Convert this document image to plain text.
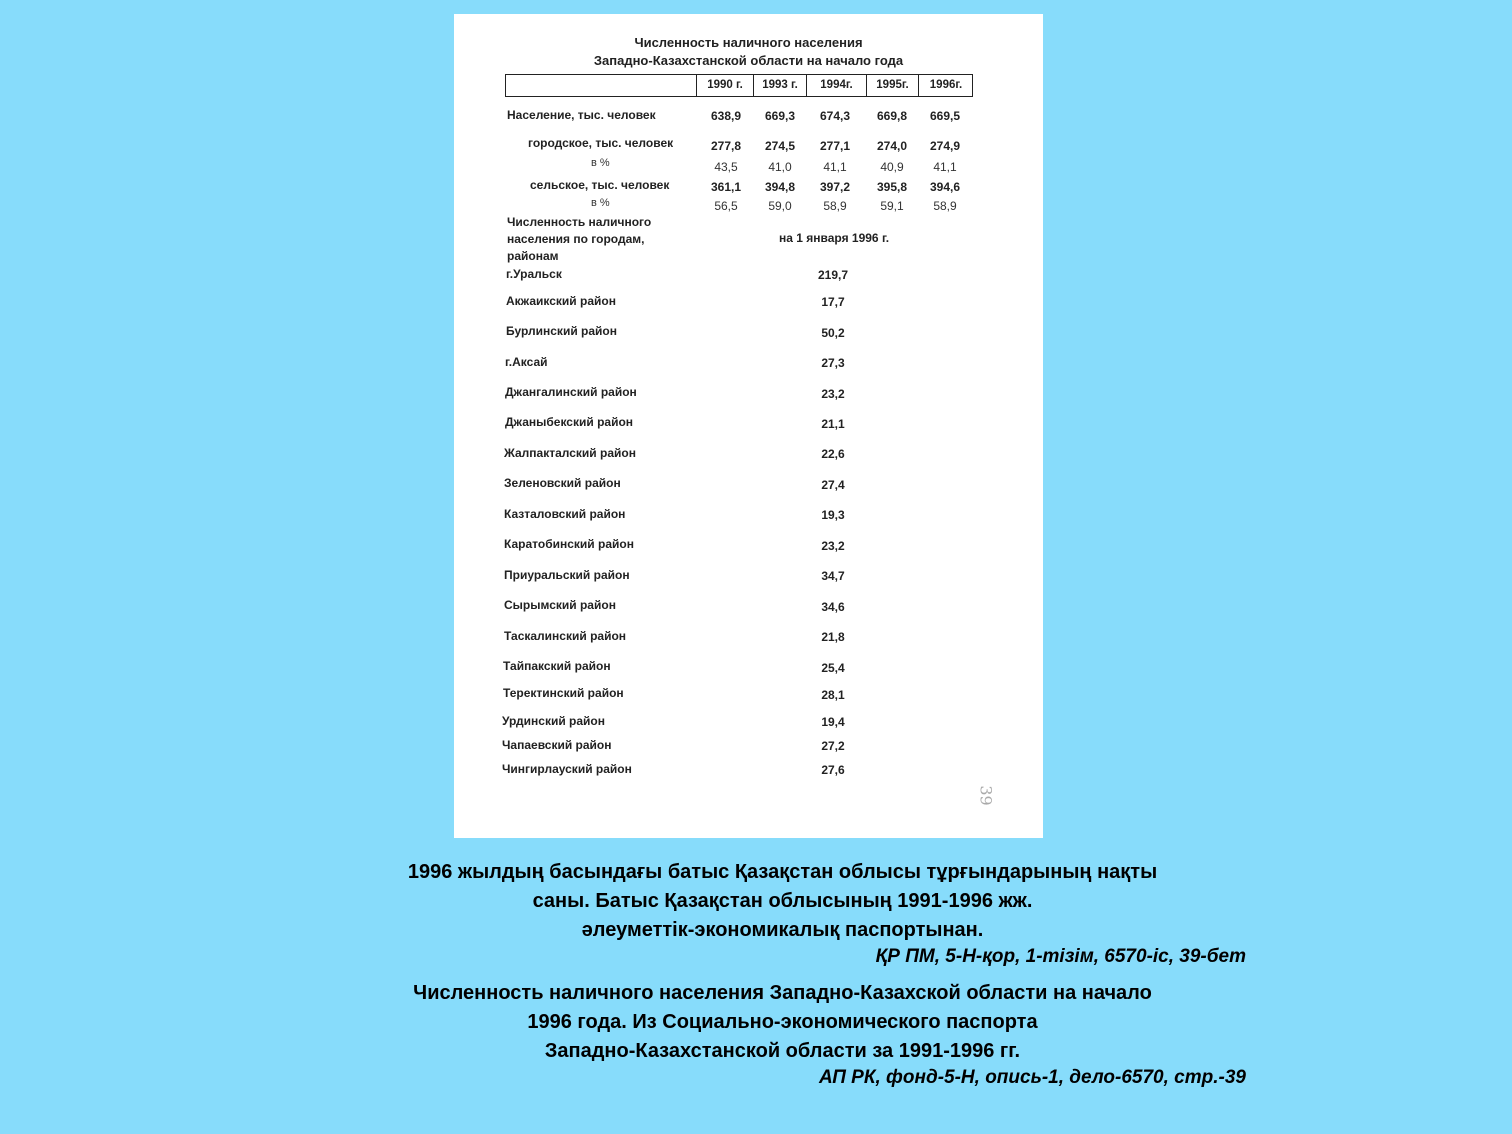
Численность наличного населения
Западно-Казахстанской области на начало года
1990 г.	1993 г.	1994г.	1995г.	1996г.
Население, тыс. человек	638,9	669,3	674,3	669,8	669,5
городское, тыс. человек	277,8	274,5	277,1	274,0	274,9
в %	43,5	41,0	41,1	40,9	41,1
сельское, тыс. человек	361,1	394,8	397,2	395,8	394,6
в %	56,5	59,0	58,9	59,1	58,9
Численность наличного
населения по городам,
районам
на 1 января 1996 г.
г.Уральск	219,7
Акжаикский район	17,7
Бурлинский район	50,2
г.Аксай	27,3
Джангалинский район	23,2
Джаныбекский район	21,1
Жалпакталский район	22,6
Зеленовский район	27,4
Казталовский район	19,3
Каратобинский район	23,2
Приуральский район	34,7
Сырымский район	34,6
Таскалинский район	21,8
Тайпакский район	25,4
Теректинский район	28,1
Урдинский район	19,4
Чапаевский район	27,2
Чингирлауский район	27,6
39
1996 жылдың басындағы батыс Қазақстан облысы тұрғындарының нақты
саны. Батыс Қазақстан облысының 1991-1996 жж.
әлеуметтік-экономикалық паспортынан.
ҚР ПМ, 5-Н-қор, 1-тізім, 6570-іс, 39-бет
Численность наличного населения Западно-Казахской области на начало
1996 года. Из Социально-экономического паспорта
Западно-Казахстанской области за 1991-1996 гг.
АП РК, фонд-5-Н, опись-1, дело-6570, стр.-39
